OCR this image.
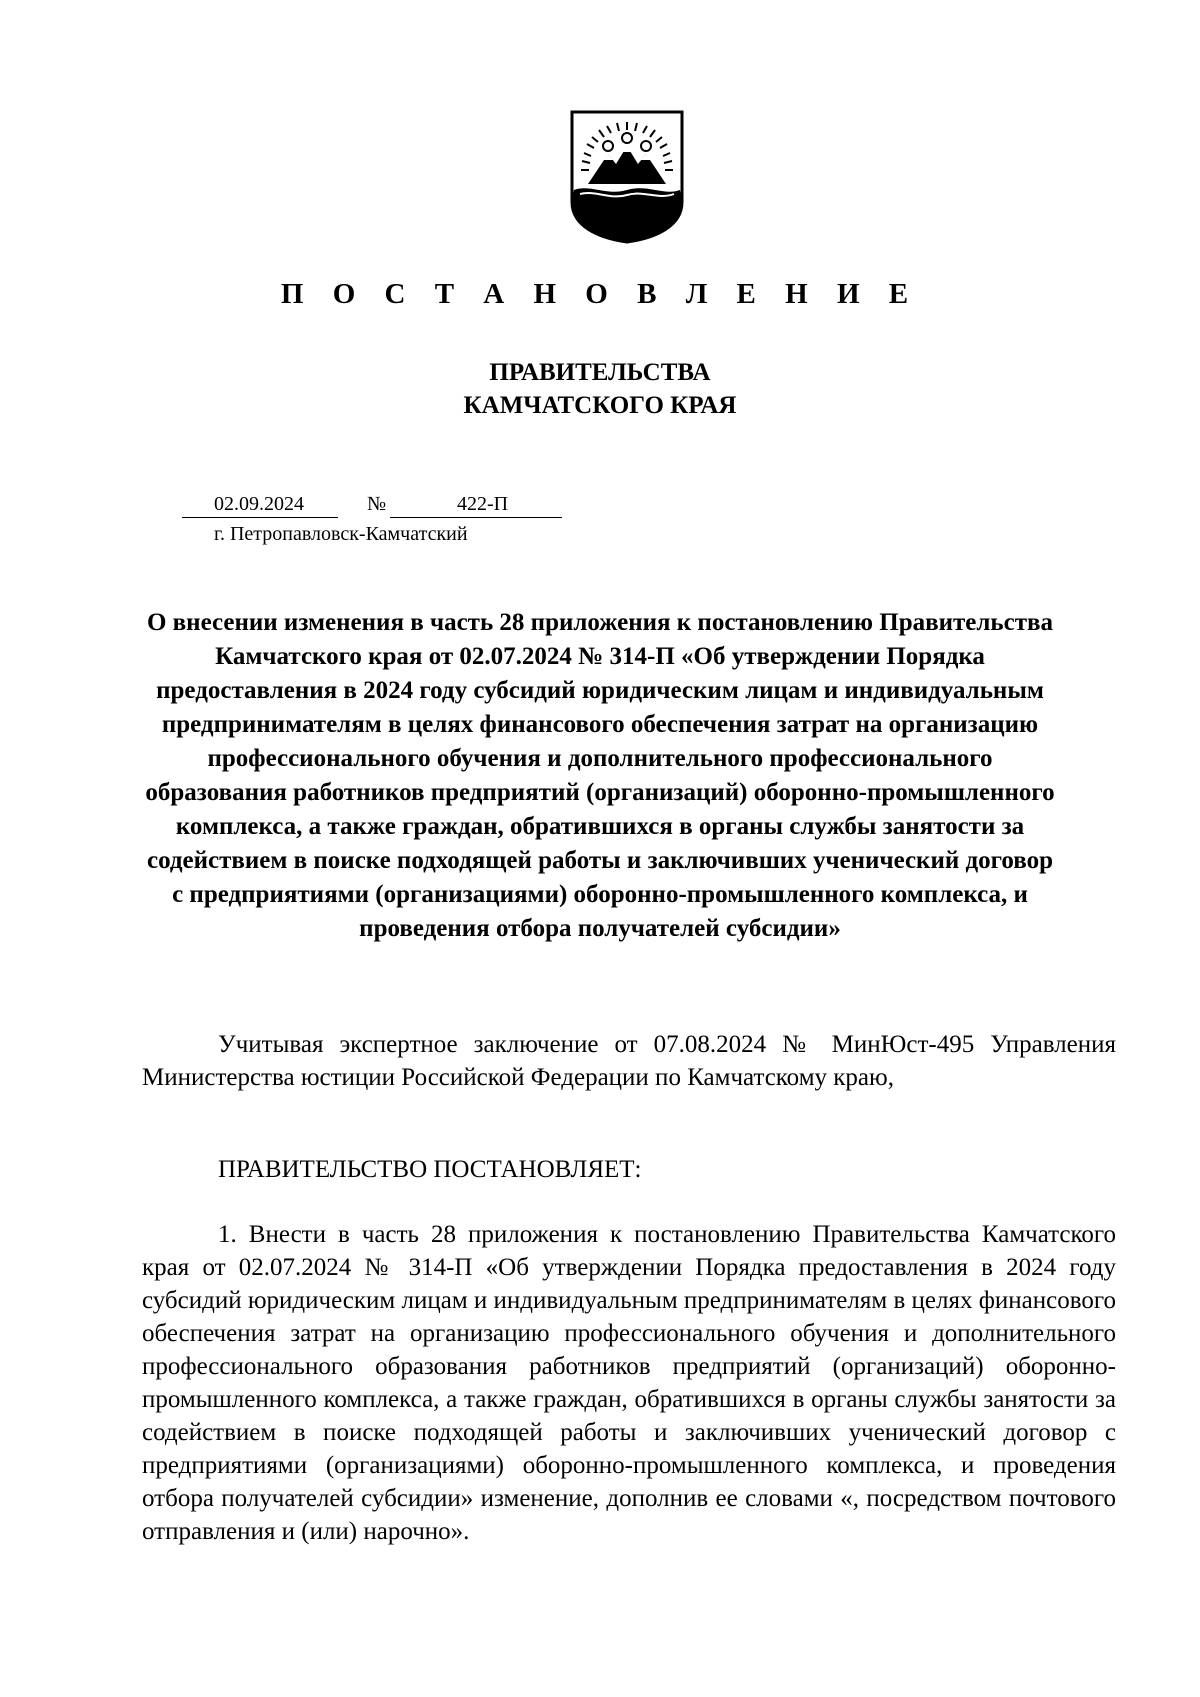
П О С Т А Н О В Л Е Н И Е
ПРАВИТЕЛЬСТВА
КАМЧАТСКОГО КРАЯ
02.09.2024	№	422-П
г. Петропавловск-Камчатский
О внесении изменения в часть 28 приложения к постановлению Правительства Камчатского края от 02.07.2024 № 314-П «Об утверждении Порядка предоставления в 2024 году субсидий юридическим лицам и индивидуальным предпринимателям в целях финансового обеспечения затрат на организацию профессионального обучения и дополнительного профессионального образования работников предприятий (организаций) оборонно-промышленного комплекса, а также граждан, обратившихся в органы службы занятости за содействием в поиске подходящей работы и заключивших ученический договор с предприятиями (организациями) оборонно-промышленного комплекса, и проведения отбора получателей субсидии»

Учитывая экспертное заключение от 07.08.2024 № МинЮст-495 Управления Министерства юстиции Российской Федерации по Камчатскому краю,

ПРАВИТЕЛЬСТВО ПОСТАНОВЛЯЕТ:

1. Внести в часть 28 приложения к постановлению Правительства Камчатского края от 02.07.2024 № 314-П «Об утверждении Порядка предоставления в 2024 году субсидий юридическим лицам и индивидуальным предпринимателям в целях финансового обеспечения затрат на организацию профессионального обучения и дополнительного профессионального образования работников предприятий (организаций) оборонно-промышленного комплекса, а также граждан, обратившихся в органы службы занятости за содействием в поиске подходящей работы и заключивших ученический договор с предприятиями (организациями) оборонно-промышленного комплекса, и проведения отбора получателей субсидии» изменение, дополнив ее словами «, посредством почтового отправления и (или) нарочно».
